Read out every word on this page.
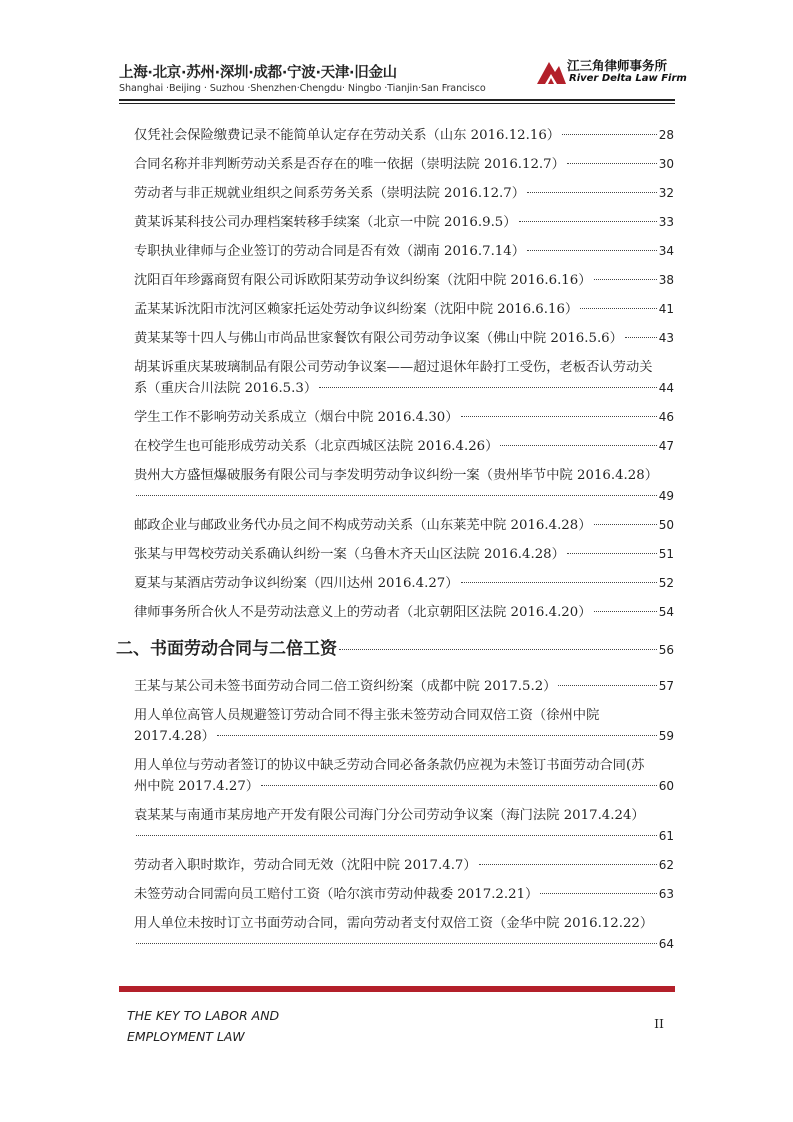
上海·北京·苏州·深圳·成都·宁波·天津·旧金山
Shanghai ·Beijing · Suzhou ·Shenzhen·Chengdu· Ningbo ·Tianjin·San Francisco
江三角律师事务所
River Delta Law Firm
仅凭社会保险缴费记录不能简单认定存在劳动关系（山东 2016.12.16）	28
合同名称并非判断劳动关系是否存在的唯一依据（崇明法院 2016.12.7）	30
劳动者与非正规就业组织之间系劳务关系（崇明法院 2016.12.7）	32
黄某诉某科技公司办理档案转移手续案（北京一中院 2016.9.5）	33
专职执业律师与企业签订的劳动合同是否有效（湖南 2016.7.14）	34
沈阳百年珍露商贸有限公司诉欧阳某劳动争议纠纷案（沈阳中院 2016.6.16）	38
孟某某诉沈阳市沈河区赖家托运处劳动争议纠纷案（沈阳中院 2016.6.16）	41
黄某某等十四人与佛山市尚品世家餐饮有限公司劳动争议案（佛山中院 2016.5.6）	43
胡某诉重庆某玻璃制品有限公司劳动争议案——超过退休年龄打工受伤，老板否认劳动关
系（重庆合川法院 2016.5.3）	44
学生工作不影响劳动关系成立（烟台中院 2016.4.30）	46
在校学生也可能形成劳动关系（北京西城区法院 2016.4.26）	47
贵州大方盛恒爆破服务有限公司与李发明劳动争议纠纷一案（贵州毕节中院 2016.4.28）
49
邮政企业与邮政业务代办员之间不构成劳动关系（山东莱芜中院 2016.4.28）	50
张某与甲驾校劳动关系确认纠纷一案（乌鲁木齐天山区法院 2016.4.28）	51
夏某与某酒店劳动争议纠纷案（四川达州 2016.4.27）	52
律师事务所合伙人不是劳动法意义上的劳动者（北京朝阳区法院 2016.4.20）	54
二、书面劳动合同与二倍工资	56
王某与某公司未签书面劳动合同二倍工资纠纷案（成都中院 2017.5.2）	57
用人单位高管人员规避签订劳动合同不得主张未签劳动合同双倍工资（徐州中院
2017.4.28）	59
用人单位与劳动者签订的协议中缺乏劳动合同必备条款仍应视为未签订书面劳动合同(苏
州中院 2017.4.27）	60
袁某某与南通市某房地产开发有限公司海门分公司劳动争议案（海门法院 2017.4.24）
61
劳动者入职时欺诈，劳动合同无效（沈阳中院 2017.4.7）	62
未签劳动合同需向员工赔付工资（哈尔滨市劳动仲裁委 2017.2.21）	63
用人单位未按时订立书面劳动合同，需向劳动者支付双倍工资（金华中院 2016.12.22）
64
THE KEY TO LABOR AND
EMPLOYMENT LAW
II
